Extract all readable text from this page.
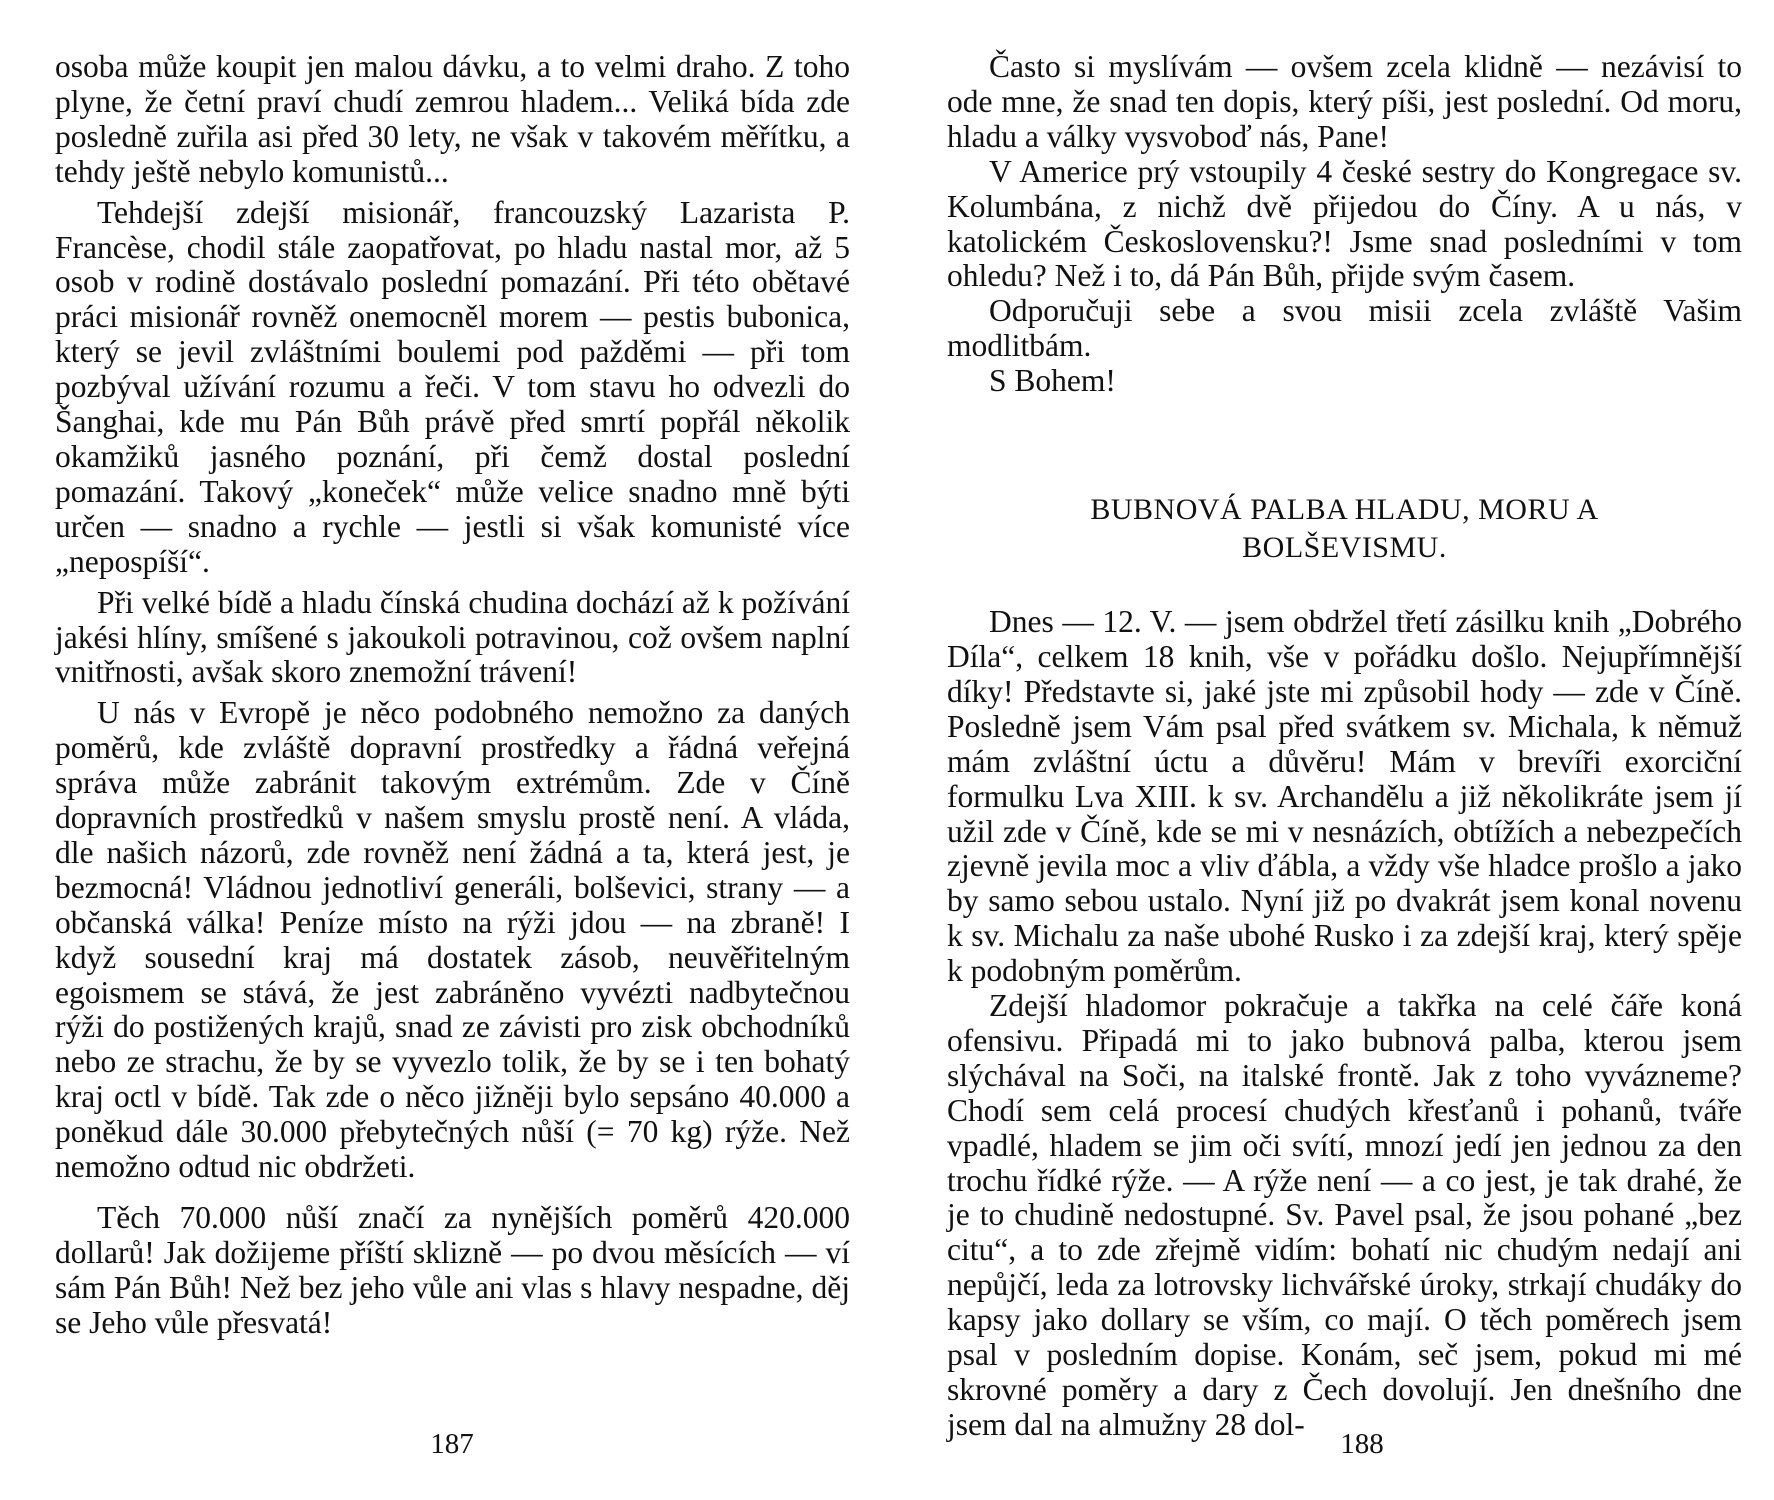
osoba může koupit jen malou dávku, a to velmi draho. Z toho plyne, že četní praví chudí zemrou hladem... Veliká bída zde posledně zuřila asi před 30 lety, ne však v takovém měřítku, a tehdy ještě nebylo komunistů...

Tehdejší zdejší misionář, francouzský Lazarista P. Francèse, chodil stále zaopatřovat, po hladu nastal mor, až 5 osob v rodině dostávalo poslední pomazání. Při této obětavé práci misionář rovněž onemocněl morem — pestis bubonica, který se jevil zvláštními boulemi pod pažděmi — při tom pozbýval užívání rozumu a řeči. V tom stavu ho odvezli do Šanghai, kde mu Pán Bůh právě před smrtí popřál několik okamžiků jasného poznání, při čemž dostal poslední pomazání. Takový „koneček“ může velice snadno mně býti určen — snadno a rychle — jestli si však komunisté více „nepospíší“.

Při velké bídě a hladu čínská chudina dochází až k požívání jakési hlíny, smíšené s jakoukoli potravinou, což ovšem naplní vnitřnosti, avšak skoro znemožní trávení!

U nás v Evropě je něco podobného nemožno za daných poměrů, kde zvláště dopravní prostředky a řádná veřejná správa může zabránit takovým extrémům. Zde v Číně dopravních prostředků v našem smyslu prostě není. A vláda, dle našich názorů, zde rovněž není žádná a ta, která jest, je bezmocná! Vládnou jednotliví generáli, bolševici, strany — a občanská válka! Peníze místo na rýži jdou — na zbraně! I když sousední kraj má dostatek zásob, neuvěřitelným egoismem se stává, že jest zabráněno vyvézti nadbytečnou rýži do postižených krajů, snad ze závisti pro zisk obchodníků nebo ze strachu, že by se vyvezlo tolik, že by se i ten bohatý kraj octl v bídě. Tak zde o něco jižněji bylo sepsáno 40.000 a poněkud dále 30.000 přebytečných nůší (= 70 kg) rýže. Než nemožno odtud nic obdržeti.

Těch 70.000 nůší značí za nynějších poměrů 420.000 dollarů! Jak dožijeme příští sklizně — po dvou měsících — ví sám Pán Bůh! Než bez jeho vůle ani vlas s hlavy nespadne, děj se Jeho vůle přesvatá!

187

Často si myslívám — ovšem zcela klidně — nezávisí to ode mne, že snad ten dopis, který píši, jest poslední. Od moru, hladu a války vysvoboď nás, Pane!

V Americe prý vstoupily 4 české sestry do Kongregace sv. Kolumbána, z nichž dvě přijedou do Číny. A u nás, v katolickém Československu?! Jsme snad posledními v tom ohledu? Než i to, dá Pán Bůh, přijde svým časem.

Odporučuji sebe a svou misii zcela zvláště Vašim modlitbám.

S Bohem!

BUBNOVÁ PALBA HLADU, MORU A
BOLŠEVISMU.

Dnes — 12. V. — jsem obdržel třetí zásilku knih „Dobrého Díla“, celkem 18 knih, vše v pořádku došlo. Nejupřímnější díky! Představte si, jaké jste mi způsobil hody — zde v Číně. Posledně jsem Vám psal před svátkem sv. Michala, k němuž mám zvláštní úctu a důvěru! Mám v brevíři exorciční formulku Lva XIII. k sv. Archandělu a již několikráte jsem jí užil zde v Číně, kde se mi v nesnázích, obtížích a nebezpečích zjevně jevila moc a vliv ďábla, a vždy vše hladce prošlo a jako by samo sebou ustalo. Nyní již po dvakrát jsem konal novenu k sv. Michalu za naše ubohé Rusko i za zdejší kraj, který spěje k podobným poměrům.

Zdejší hladomor pokračuje a takřka na celé čáře koná ofensivu. Připadá mi to jako bubnová palba, kterou jsem slýchával na Soči, na italské frontě. Jak z toho vyvázneme? Chodí sem celá procesí chudých křesťanů i pohanů, tváře vpadlé, hladem se jim oči svítí, mnozí jedí jen jednou za den trochu řídké rýže. — A rýže není — a co jest, je tak drahé, že je to chudině nedostupné. Sv. Pavel psal, že jsou pohané „bez citu“, a to zde zřejmě vidím: bohatí nic chudým nedají ani nepůjčí, leda za lotrovsky lichvářské úroky, strkají chudáky do kapsy jako dollary se vším, co mají. O těch poměrech jsem psal v posledním dopise. Konám, seč jsem, pokud mi mé skrovné poměry a dary z Čech dovolují. Jen dnešního dne jsem dal na almužny 28 dol-

188
